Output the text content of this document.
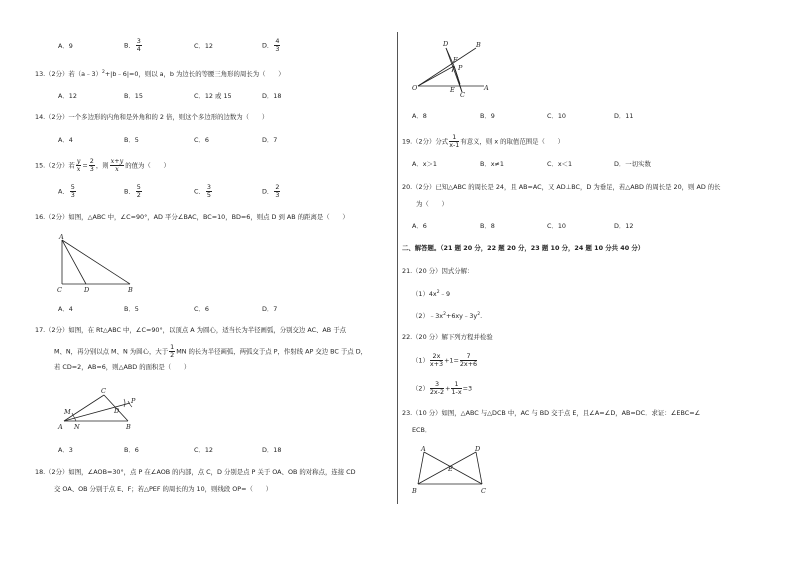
A．9	B． $\frac{3}{4}$	C．12	D． $\frac{4}{3}$
13.（2分）若（a﹣3）$^2$+|b﹣6|=0，则以 a，b 为边长的等腰三角形的周长为（　　）
A．12	B．15	C．12 或 15	D．18
14.（2分）一个多边形的内角和是外角和的 2 倍，则这个多边形的边数为（　　）
A．4	B．5	C．6	D．7
15.（2分）若 $\frac{y}{x} = \frac{2}{3}$ ，则 $\frac{x+y}{x}$ 的值为（　　）
A． $\frac{5}{3}$	B． $\frac{5}{2}$	C． $\frac{3}{5}$	D． $\frac{2}{3}$
16.（2分）如图，△ABC 中，∠C=90°，AD 平分∠BAC，BC=10，BD=6，则点 D 到 AB 的距离是（　　）
A
C	D	B
A．4	B．5	C．6	D．7
17.（2分）如图，在 Rt△ABC 中，∠C=90°，以顶点 A 为圆心，适当长为半径画弧，分别交边 AC、AB 于点
M、N，再分别以点 M、N 为圆心，大于 $\frac{1}{2}$ MN 的长为半径画弧，两弧交于点 P，作射线 AP 交边 BC 于点 D，
若 CD=2，AB=6，则△ABD 的面积是（　　）
C
M
A N
D
B
P
A．3	B．6	C．12	D．18
18.（2分）如图，∠AOB=30°，点 P 在∠AOB 的内部，点 C，D 分别是点 P 关于 OA、OB 的对称点，连接 CD
交 OA、OB 分别于点 E、F；若△PEF 的周长的为 10，则线段 OP=（　　）
D	B
F
P
O	E
C
A
A．8	B．9	C．10	D．11
19.（2分）分式 $\frac{1}{x-1}$ 有意义，则 x 的取值范围是（　　）
A．x＞1	B．x≠1	C．x＜1	D．一切实数
20.（2分）已知△ABC 的周长是 24，且 AB=AC，又 AD⊥BC，D 为垂足，若△ABD 的周长是 20，则 AD 的长
为（　　）
A．6	B．8	C．10	D．12
二、解答题。（21 题 20 分，22 题 20 分，23 题 10 分，24 题 10 分共 40 分）
21.（20 分）因式分解：
$(1)4x^2﹣9$
$(2)﹣3x^2+6xy﹣3y^2$.
22.（20 分）解下列方程并检验
$(1) \frac{2x}{x+3} +1= \frac{7}{2x+6}$
$(2) \frac{3}{2x-2} + \frac{1}{1-x} =3$
23.（10 分）如图，△ABC 与△DCB 中，AC 与 BD 交于点 E，且∠A=∠D，AB=DC．求证：∠EBC=∠
ECB．
A	D
E
B	C
